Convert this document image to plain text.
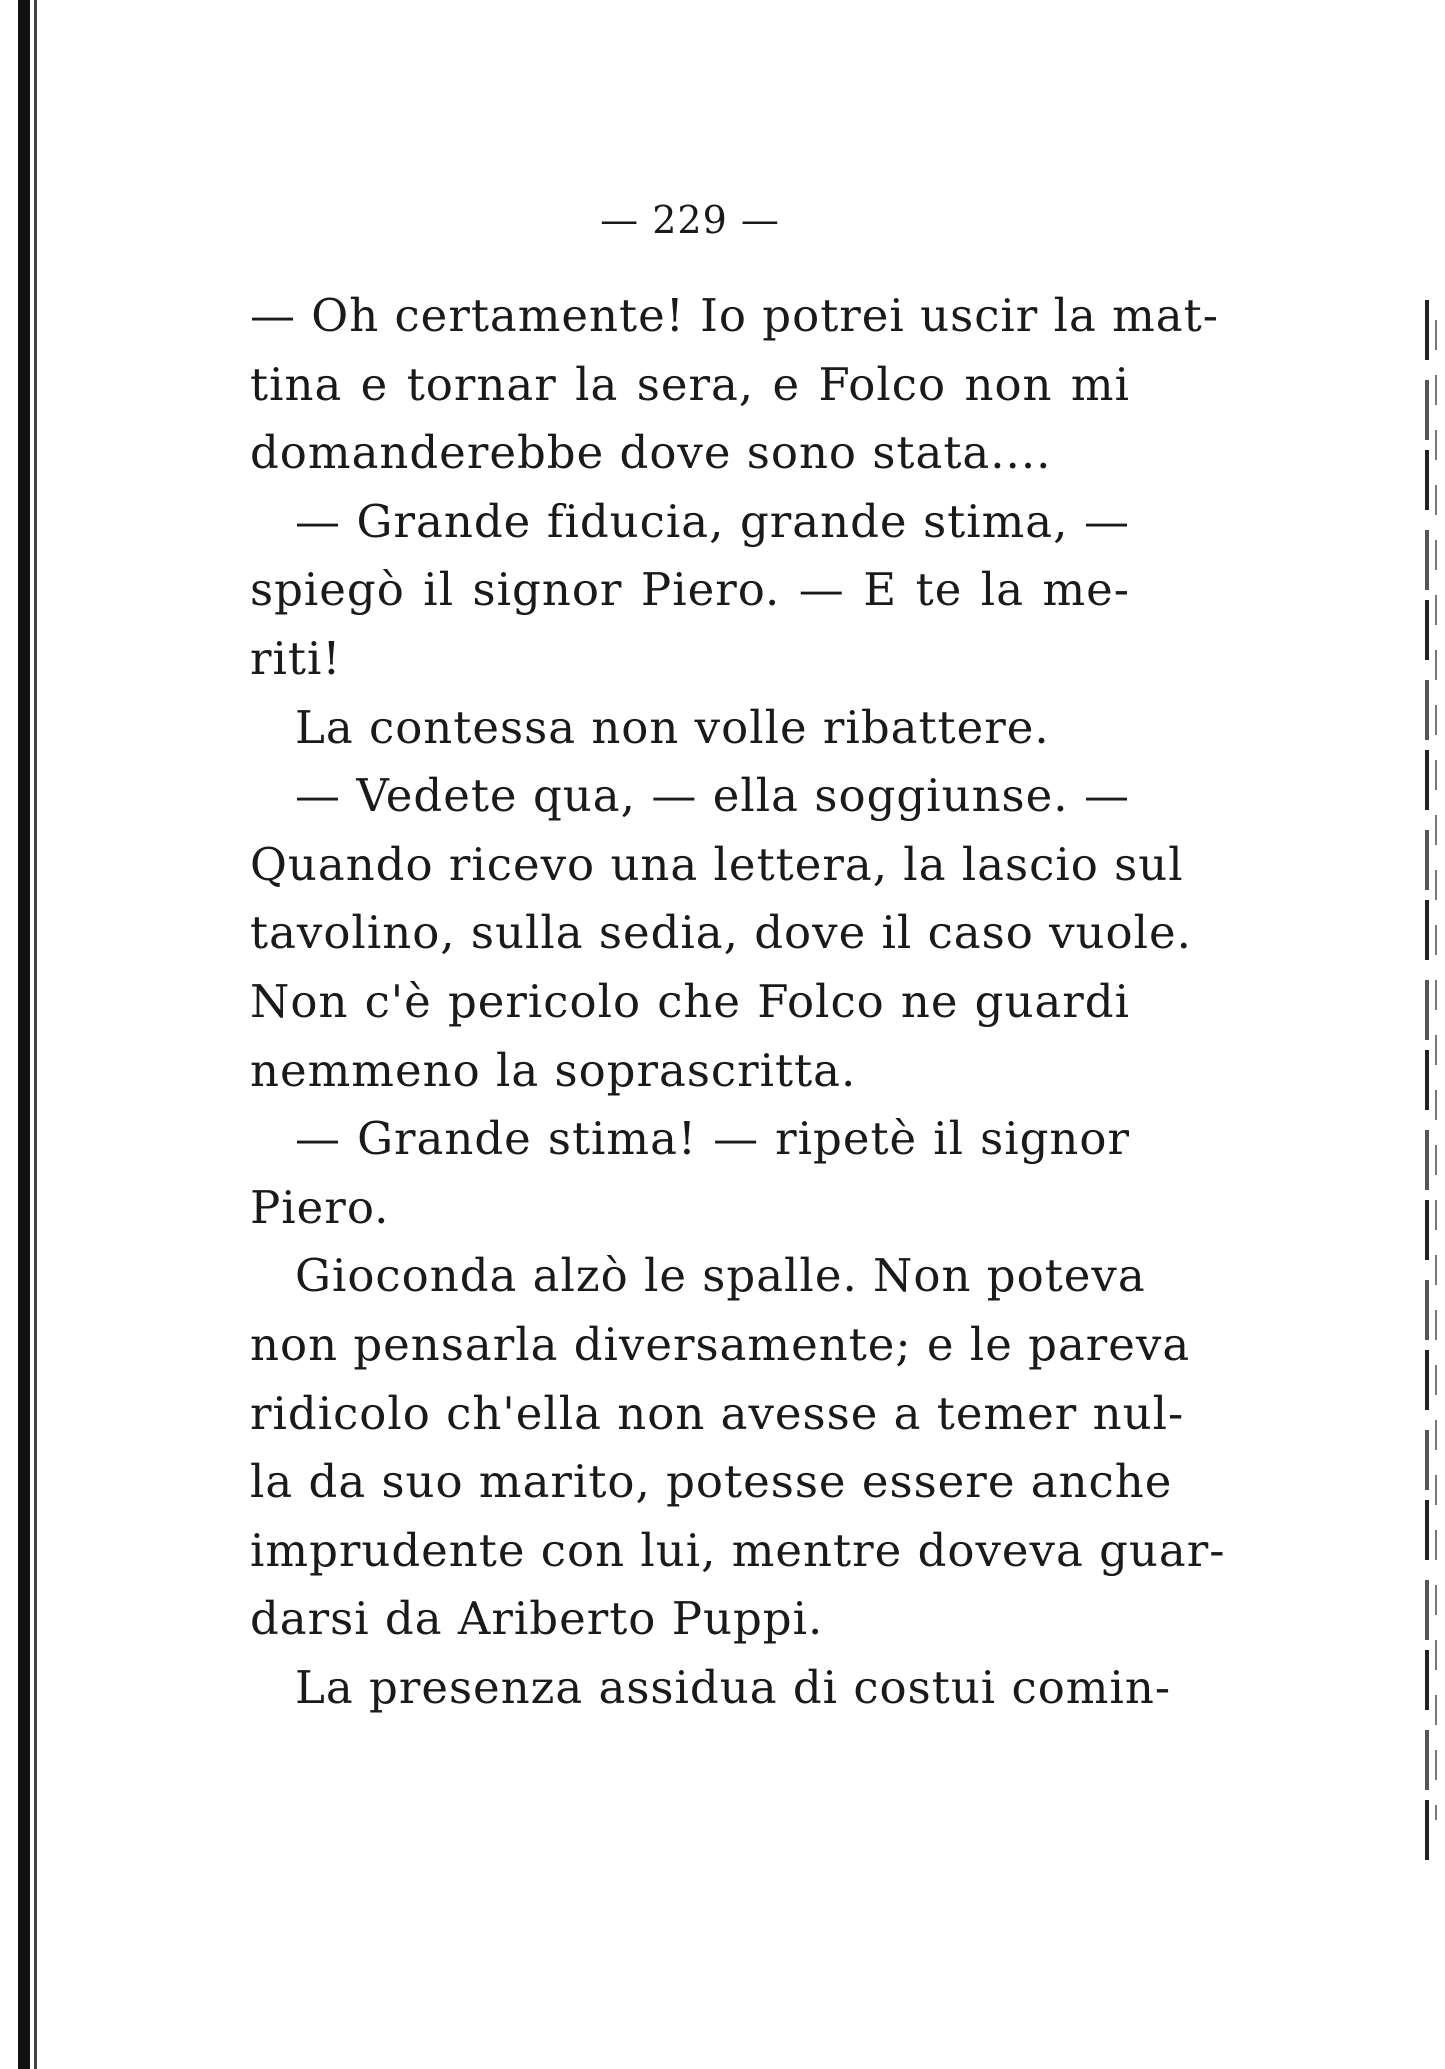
— 229 —
— Oh certamente! Io potrei uscir la mat-
tina e tornar la sera, e Folco non mi
domanderebbe dove sono stata....
— Grande fiducia, grande stima, —
spiegò il signor Piero. — E te la me-
riti!
La contessa non volle ribattere.
— Vedete qua, — ella soggiunse. —
Quando ricevo una lettera, la lascio sul
tavolino, sulla sedia, dove il caso vuole.
Non c'è pericolo che Folco ne guardi
nemmeno la soprascritta.
— Grande stima! — ripetè il signor
Piero.
Gioconda alzò le spalle. Non poteva
non pensarla diversamente; e le pareva
ridicolo ch'ella non avesse a temer nul-
la da suo marito, potesse essere anche
imprudente con lui, mentre doveva guar-
darsi da Ariberto Puppi.
La presenza assidua di costui comin-
